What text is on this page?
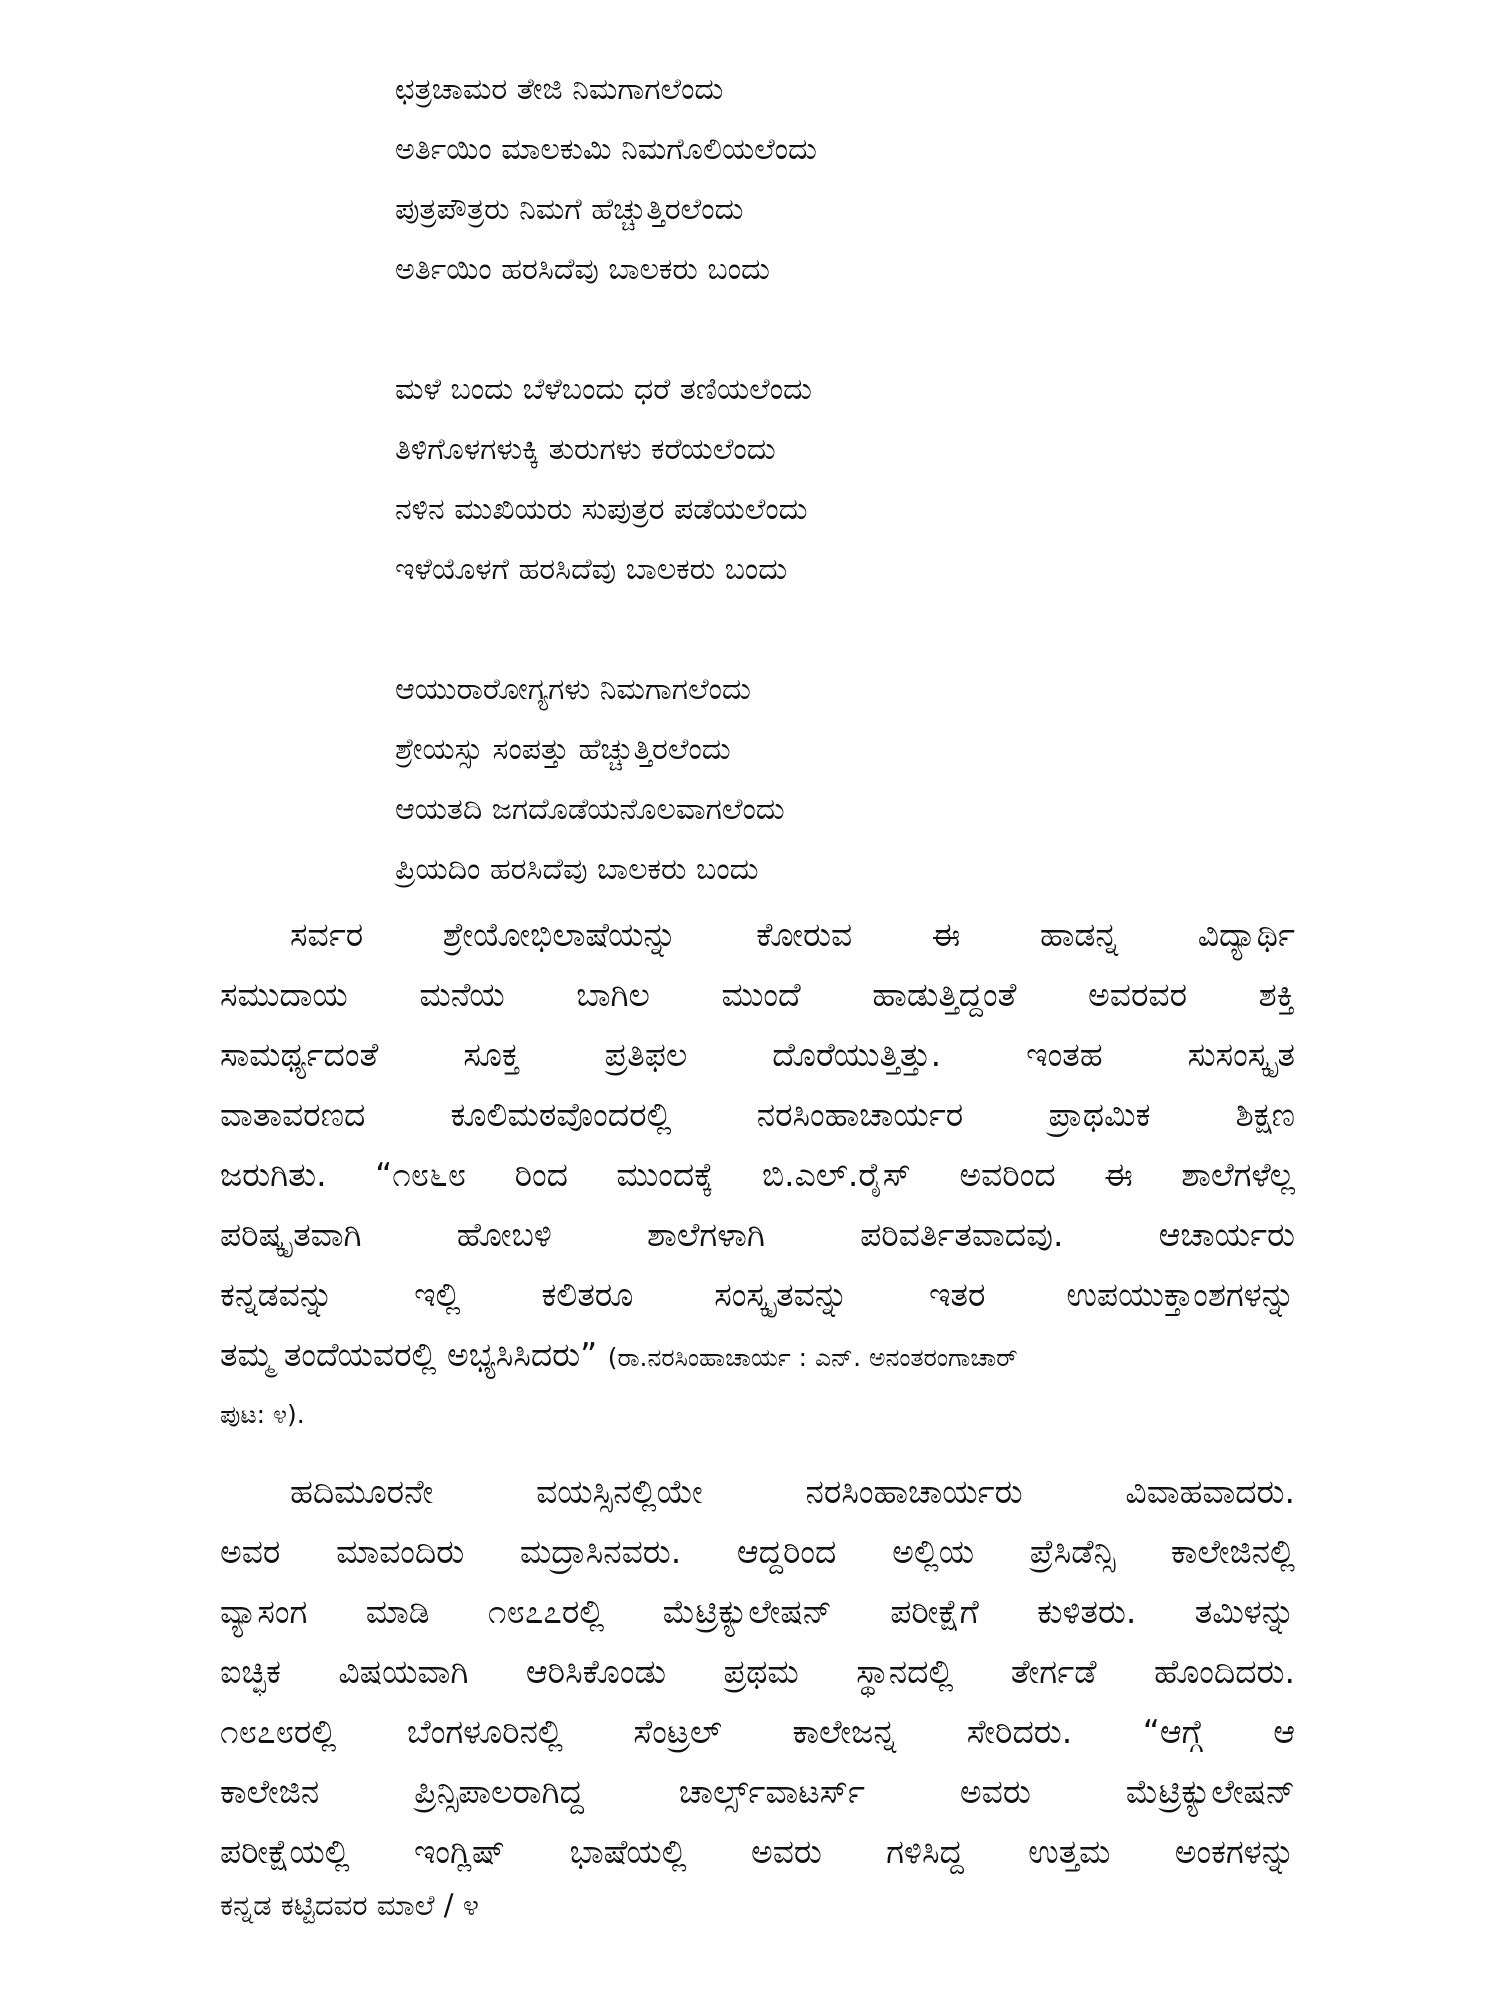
ಛತ್ರಚಾಮರ ತೇಜಿ ನಿಮಗಾಗಲೆಂದು
ಅರ್ತಿಯಿಂ ಮಾಲಕುಮಿ ನಿಮಗೊಲಿಯಲೆಂದು
ಪುತ್ರಪೌತ್ರರು ನಿಮಗೆ ಹೆಚ್ಚುತ್ತಿರಲೆಂದು
ಅರ್ತಿಯಿಂ ಹರಸಿದೆವು ಬಾಲಕರು ಬಂದು
ಮಳೆ ಬಂದು ಬೆಳೆಬಂದು ಧರೆ ತಣಿಯಲೆಂದು
ತಿಳಿಗೊಳಗಳುಕ್ಕಿ ತುರುಗಳು ಕರೆಯಲೆಂದು
ನಳಿನ ಮುಖಿಯರು ಸುಪುತ್ರರ ಪಡೆಯಲೆಂದು
ಇಳೆಯೊಳಗೆ ಹರಸಿದೆವು ಬಾಲಕರು ಬಂದು
ಆಯುರಾರೋಗ್ಯಗಳು ನಿಮಗಾಗಲೆಂದು
ಶ್ರೇಯಸ್ಸು ಸಂಪತ್ತು ಹೆಚ್ಚುತ್ತಿರಲೆಂದು
ಆಯತದಿ ಜಗದೊಡೆಯನೊಲವಾಗಲೆಂದು
ಪ್ರಿಯದಿಂ ಹರಸಿದೆವು ಬಾಲಕರು ಬಂದು
ಸರ್ವರ ಶ್ರೇಯೋಭಿಲಾಷೆಯನ್ನು ಕೋರುವ ಈ ಹಾಡನ್ನ ವಿದ್ಯಾರ್ಥಿ
ಸಮುದಾಯ ಮನೆಯ ಬಾಗಿಲ ಮುಂದೆ ಹಾಡುತ್ತಿದ್ದಂತೆ ಅವರವರ ಶಕ್ತಿ
ಸಾಮರ್ಥ್ಯದಂತೆ ಸೂಕ್ತ ಪ್ರತಿಫಲ ದೊರೆಯುತ್ತಿತ್ತು. ಇಂತಹ ಸುಸಂಸ್ಕೃತ
ವಾತಾವರಣದ ಕೂಲಿಮಠವೊಂದರಲ್ಲಿ ನರಸಿಂಹಾಚಾರ್ಯರ ಪ್ರಾಥಮಿಕ ಶಿಕ್ಷಣ
ಜರುಗಿತು. “೧೮೬೮ ರಿಂದ ಮುಂದಕ್ಕೆ ಬಿ.ಎಲ್.ರೈಸ್ ಅವರಿಂದ ಈ ಶಾಲೆಗಳೆಲ್ಲ
ಪರಿಷ್ಕೃತವಾಗಿ ಹೋಬಳಿ ಶಾಲೆಗಳಾಗಿ ಪರಿವರ್ತಿತವಾದವು. ಆಚಾರ್ಯರು
ಕನ್ನಡವನ್ನು ಇಲ್ಲಿ ಕಲಿತರೂ ಸಂಸ್ಕೃತವನ್ನು ಇತರ ಉಪಯುಕ್ತಾಂಶಗಳನ್ನು
ತಮ್ಮ ತಂದೆಯವರಲ್ಲಿ ಅಭ್ಯಸಿಸಿದರು” (ರಾ.ನರಸಿಂಹಾಚಾರ್ಯ : ಎನ್. ಅನಂತರಂಗಾಚಾರ್
ಪುಟ: ೪).
ಹದಿಮೂರನೇ ವಯಸ್ಸಿನಲ್ಲಿಯೇ ನರಸಿಂಹಾಚಾರ್ಯರು ವಿವಾಹವಾದರು.
ಅವರ ಮಾವಂದಿರು ಮದ್ರಾಸಿನವರು. ಆದ್ದರಿಂದ ಅಲ್ಲಿಯ ಪ್ರೆಸಿಡೆನ್ಸಿ ಕಾಲೇಜಿನಲ್ಲಿ
ವ್ಯಾಸಂಗ ಮಾಡಿ ೧೮೭೭ರಲ್ಲಿ ಮೆಟ್ರಿಕ್ಯುಲೇಷನ್ ಪರೀಕ್ಷೆಗೆ ಕುಳಿತರು. ತಮಿಳನ್ನು
ಐಚ್ಛಿಕ ವಿಷಯವಾಗಿ ಆರಿಸಿಕೊಂಡು ಪ್ರಥಮ ಸ್ಥಾನದಲ್ಲಿ ತೇರ್ಗಡೆ ಹೊಂದಿದರು.
೧೮೭೮ರಲ್ಲಿ ಬೆಂಗಳೂರಿನಲ್ಲಿ ಸೆಂಟ್ರಲ್ ಕಾಲೇಜನ್ನ ಸೇರಿದರು. “ಆಗ್ಗೆ ಆ
ಕಾಲೇಜಿನ ಪ್ರಿನ್ಸಿಪಾಲರಾಗಿದ್ದ ಚಾರ್ಲ್ಸ್‌ವಾಟರ್ಸ್ ಅವರು ಮೆಟ್ರಿಕ್ಯುಲೇಷನ್
ಪರೀಕ್ಷೆಯಲ್ಲಿ ಇಂಗ್ಲಿಷ್ ಭಾಷೆಯಲ್ಲಿ ಅವರು ಗಳಿಸಿದ್ದ ಉತ್ತಮ ಅಂಕಗಳನ್ನು
ಕನ್ನಡ ಕಟ್ಟಿದವರ ಮಾಲೆ / ೪
